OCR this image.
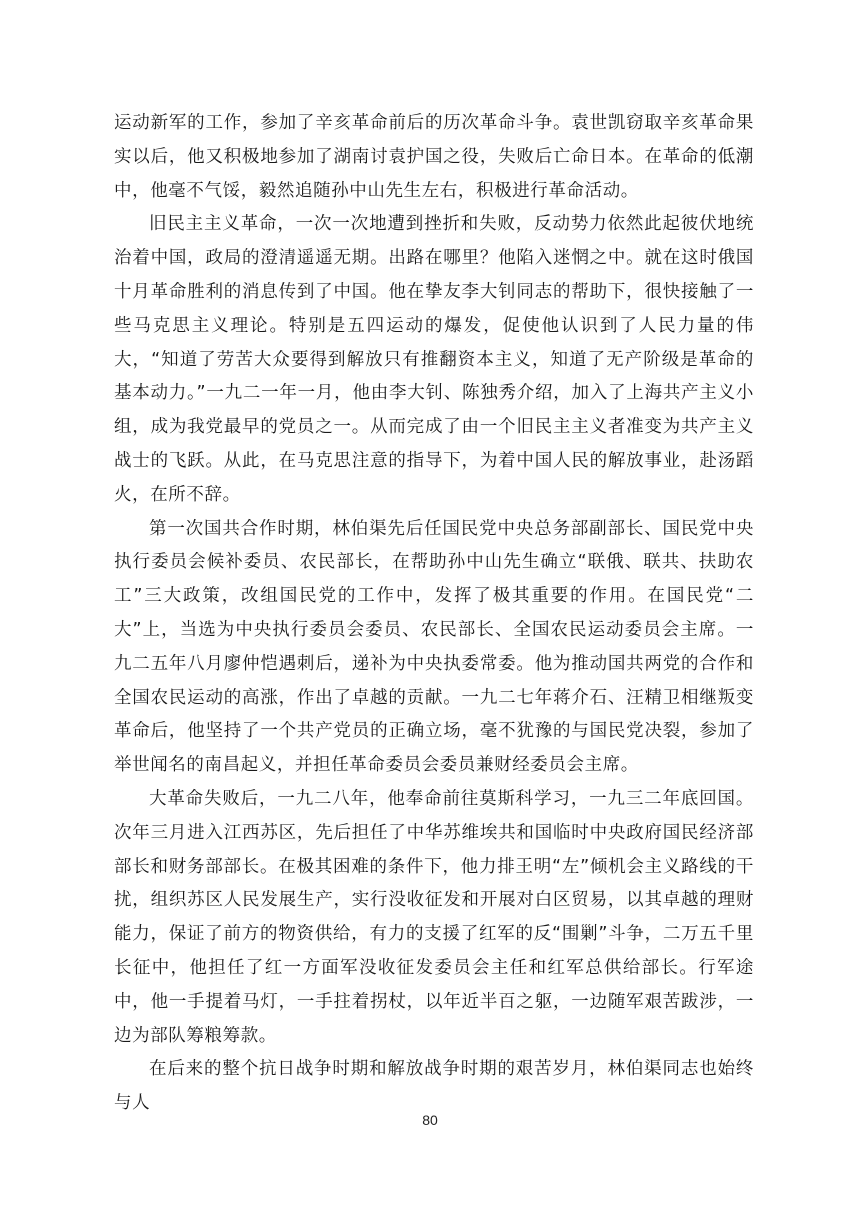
运动新军的工作，参加了辛亥革命前后的历次革命斗争。袁世凯窃取辛亥革命果实以后，他又积极地参加了湖南讨袁护国之役，失败后亡命日本。在革命的低潮中，他毫不气馁，毅然追随孙中山先生左右，积极进行革命活动。

旧民主主义革命，一次一次地遭到挫折和失败，反动势力依然此起彼伏地统治着中国，政局的澄清遥遥无期。出路在哪里？他陷入迷惘之中。就在这时俄国十月革命胜利的消息传到了中国。他在挚友李大钊同志的帮助下，很快接触了一些马克思主义理论。特别是五四运动的爆发，促使他认识到了人民力量的伟大，“知道了劳苦大众要得到解放只有推翻资本主义，知道了无产阶级是革命的基本动力。”一九二一年一月，他由李大钊、陈独秀介绍，加入了上海共产主义小组，成为我党最早的党员之一。从而完成了由一个旧民主主义者准变为共产主义战士的飞跃。从此，在马克思注意的指导下，为着中国人民的解放事业，赴汤蹈火，在所不辞。

第一次国共合作时期，林伯渠先后任国民党中央总务部副部长、国民党中央执行委员会候补委员、农民部长，在帮助孙中山先生确立“联俄、联共、扶助农工”三大政策，改组国民党的工作中，发挥了极其重要的作用。在国民党“二大”上，当选为中央执行委员会委员、农民部长、全国农民运动委员会主席。一九二五年八月廖仲恺遇刺后，递补为中央执委常委。他为推动国共两党的合作和全国农民运动的高涨，作出了卓越的贡献。一九二七年蒋介石、汪精卫相继叛变革命后，他坚持了一个共产党员的正确立场，毫不犹豫的与国民党决裂，参加了举世闻名的南昌起义，并担任革命委员会委员兼财经委员会主席。

大革命失败后，一九二八年，他奉命前往莫斯科学习，一九三二年底回国。次年三月进入江西苏区，先后担任了中华苏维埃共和国临时中央政府国民经济部部长和财务部部长。在极其困难的条件下，他力排王明“左”倾机会主义路线的干扰，组织苏区人民发展生产，实行没收征发和开展对白区贸易，以其卓越的理财能力，保证了前方的物资供给，有力的支援了红军的反“围剿”斗争，二万五千里长征中，他担任了红一方面军没收征发委员会主任和红军总供给部长。行军途中，他一手提着马灯，一手拄着拐杖，以年近半百之躯，一边随军艰苦跋涉，一边为部队筹粮筹款。

在后来的整个抗日战争时期和解放战争时期的艰苦岁月，林伯渠同志也始终与人

80
